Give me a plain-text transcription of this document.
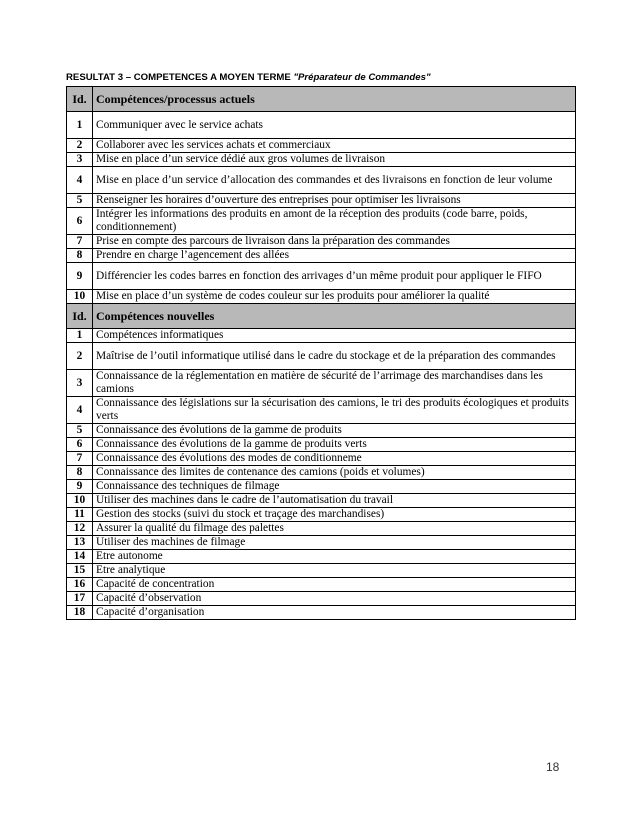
RESULTAT 3 – COMPETENCES A MOYEN TERME "Préparateur de Commandes"
Id.	Compétences/processus actuels
1	Communiquer avec le service achats
2	Collaborer avec les services achats et commerciaux
3	Mise en place d’un service dédié aux gros volumes de livraison
4	Mise en place d’un service d’allocation des commandes et des livraisons en fonction de leur volume
5	Renseigner les horaires d’ouverture des entreprises pour optimiser les livraisons
6	Intégrer les informations des produits en amont de la réception des produits (code barre, poids, conditionnement)
7	Prise en compte des parcours de livraison dans la préparation des commandes
8	Prendre en charge l’agencement des allées
9	Différencier les codes barres en fonction des arrivages d’un même produit pour appliquer le FIFO
10	Mise en place d’un système de codes couleur sur les produits pour améliorer la qualité
Id.	Compétences nouvelles
1	Compétences informatiques
2	Maîtrise de l’outil informatique utilisé dans le cadre du stockage et de la préparation des commandes
3	Connaissance de la réglementation en matière de sécurité de l’arrimage des marchandises dans les camions
4	Connaissance des législations sur la sécurisation des camions, le tri des produits écologiques et produits verts
5	Connaissance des évolutions de la gamme de produits
6	Connaissance des évolutions de la gamme de produits verts
7	Connaissance des évolutions des modes de conditionneme
8	Connaissance des limites de contenance des camions (poids et volumes)
9	Connaissance des techniques de filmage
10	Utiliser des machines dans le cadre de l’automatisation du travail
11	Gestion des stocks (suivi du stock et traçage des marchandises)
12	Assurer la qualité du filmage des palettes
13	Utiliser des machines de filmage
14	Etre autonome
15	Etre analytique
16	Capacité de concentration
17	Capacité d’observation
18	Capacité d’organisation
18
